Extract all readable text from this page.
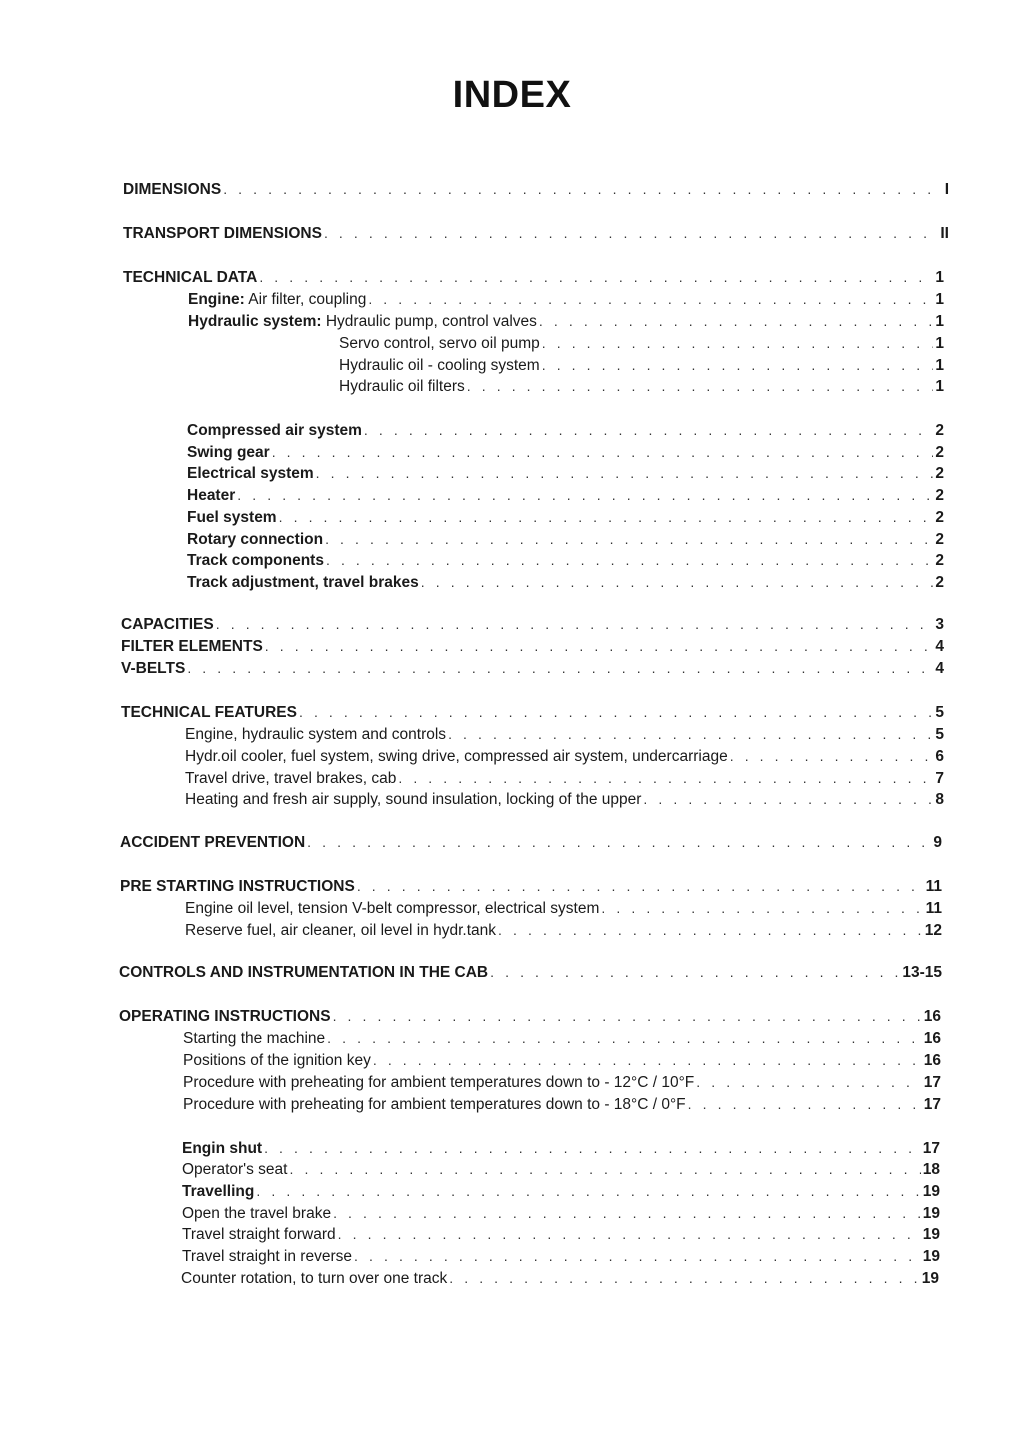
INDEX
DIMENSIONS . . .	I
TRANSPORT DIMENSIONS . . .	II
TECHNICAL DATA . . .	1
Engine: Air filter, coupling . . .	1
Hydraulic system: Hydraulic pump, control valves . . .	1
Servo control, servo oil pump . . .	1
Hydraulic oil - cooling system . . .	1
Hydraulic oil filters . . .	1
Compressed air system . . .	2
Swing gear . . .	2
Electrical system . . .	2
Heater . . .	2
Fuel system . . .	2
Rotary connection . . .	2
Track components . . .	2
Track adjustment, travel brakes . . .	2
CAPACITIES . . .	3
FILTER ELEMENTS . . .	4
V-BELTS . . .	4
TECHNICAL FEATURES . . .	5
Engine, hydraulic system and controls . . .	5
Hydr.oil cooler, fuel system, swing drive, compressed air system, undercarriage . . .	6
Travel drive, travel brakes, cab . . .	7
Heating and fresh air supply, sound insulation, locking of the upper . . .	8
ACCIDENT PREVENTION . . .	9
PRE STARTING INSTRUCTIONS . . .	11
Engine oil level, tension V-belt compressor, electrical system . . .	11
Reserve fuel, air cleaner, oil level in hydr.tank . . .	12
CONTROLS AND INSTRUMENTATION IN THE CAB . . .	13-15
OPERATING INSTRUCTIONS . . .	16
Starting the machine . . .	16
Positions of the ignition key . . .	16
Procedure with preheating for ambient temperatures down to - 12°C / 10°F . . .	17
Procedure with preheating for ambient temperatures down to - 18°C / 0°F . . .	17
Engin shut . . .	17
Operator's seat . . .	18
Travelling . . .	19
Open the travel brake . . .	19
Travel straight forward . . .	19
Travel straight in reverse . . .	19
Counter rotation, to turn over one track . . .	19
